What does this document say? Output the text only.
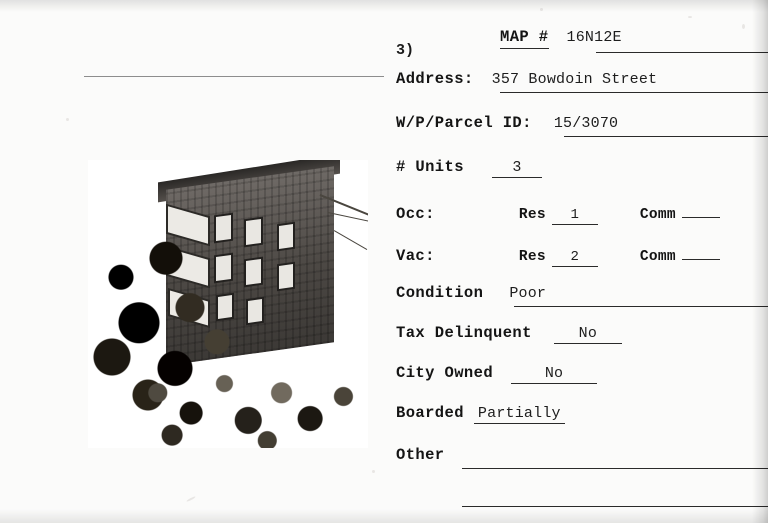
3)
MAP # 16N12E
Address: 357 Bowdoin Street
W/P/Parcel ID: 15/3070
# Units	3
Occ:	Res	1	Comm
Vac:	Res	2	Comm
Condition Poor
Tax Delinquent	No
City Owned	No
Boarded Partially
Other
